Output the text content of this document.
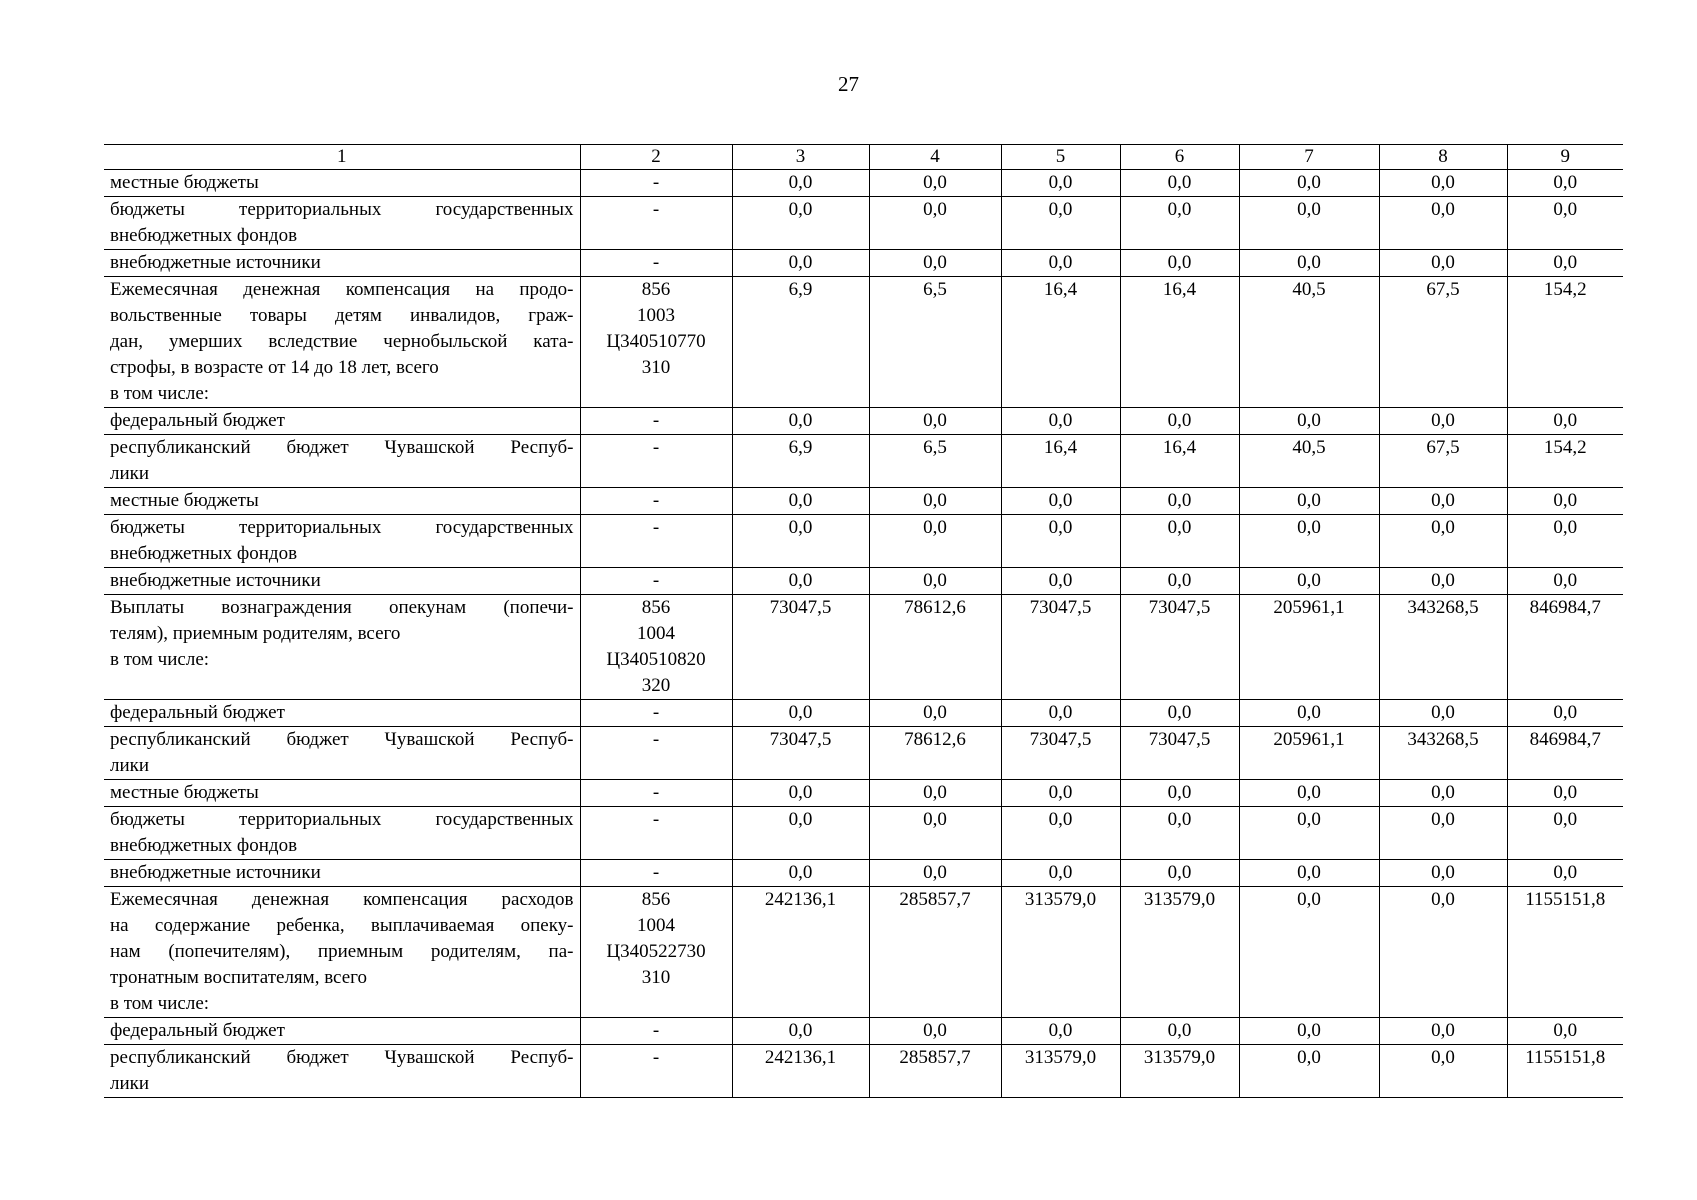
27
1	2	3	4	5	6	7	8	9

местные бюджеты	-	0,0	0,0	0,0	0,0	0,0	0,0	0,0

бюджеты территориальных государственных
внебюджетных фондов	-	0,0	0,0	0,0	0,0	0,0	0,0	0,0

внебюджетные источники	-	0,0	0,0	0,0	0,0	0,0	0,0	0,0

Ежемесячная денежная компенсация на продо-
вольственные товары детям инвалидов, граж-
дан, умерших вследствие чернобыльской ката-
строфы, в возрасте от 14 до 18 лет, всего
в том числе:	856
1003
Ц340510770
310	6,9	6,5	16,4	16,4	40,5	67,5	154,2

федеральный бюджет	-	0,0	0,0	0,0	0,0	0,0	0,0	0,0

республиканский бюджет Чувашской Респуб-
лики	-	6,9	6,5	16,4	16,4	40,5	67,5	154,2

местные бюджеты	-	0,0	0,0	0,0	0,0	0,0	0,0	0,0

бюджеты территориальных государственных
внебюджетных фондов	-	0,0	0,0	0,0	0,0	0,0	0,0	0,0

внебюджетные источники	-	0,0	0,0	0,0	0,0	0,0	0,0	0,0

Выплаты вознаграждения опекунам (попечи-
телям), приемным родителям, всего
в том числе:	856
1004
Ц340510820
320	73047,5	78612,6	73047,5	73047,5	205961,1	343268,5	846984,7

федеральный бюджет	-	0,0	0,0	0,0	0,0	0,0	0,0	0,0

республиканский бюджет Чувашской Респуб-
лики	-	73047,5	78612,6	73047,5	73047,5	205961,1	343268,5	846984,7

местные бюджеты	-	0,0	0,0	0,0	0,0	0,0	0,0	0,0

бюджеты территориальных государственных
внебюджетных фондов	-	0,0	0,0	0,0	0,0	0,0	0,0	0,0

внебюджетные источники	-	0,0	0,0	0,0	0,0	0,0	0,0	0,0

Ежемесячная денежная компенсация расходов
на содержание ребенка, выплачиваемая опеку-
нам (попечителям), приемным родителям, па-
тронатным воспитателям, всего
в том числе:	856
1004
Ц340522730
310	242136,1	285857,7	313579,0	313579,0	0,0	0,0	1155151,8

федеральный бюджет	-	0,0	0,0	0,0	0,0	0,0	0,0	0,0

республиканский бюджет Чувашской Респуб-
лики	-	242136,1	285857,7	313579,0	313579,0	0,0	0,0	1155151,8
